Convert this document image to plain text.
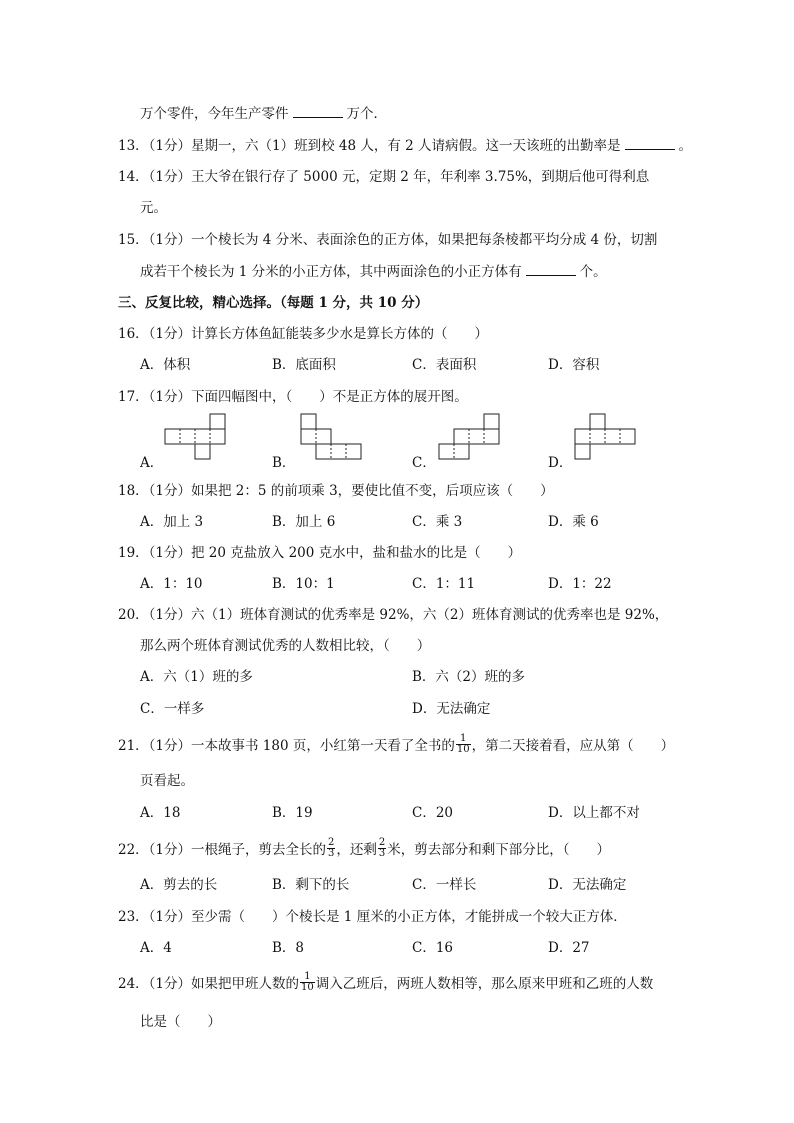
万个零件，今年生产零件	万个．
13．（1分）星期一，六（1）班到校 48 人，有 2 人请病假。这一天该班的出勤率是	。
14．（1分）王大爷在银行存了 5000 元，定期 2 年，年利率 3.75%，到期后他可得利息
元。
15．（1分）一个棱长为 4 分米、表面涂色的正方体，如果把每条棱都平均分成 4 份，切割
成若干个棱长为 1 分米的小正方体，其中两面涂色的小正方体有	个。
三、反复比较，精心选择。（每题 1 分，共 10 分）
16．（1分）计算长方体鱼缸能装多少水是算长方体的（　　）
A．体积	B．底面积	C．表面积	D．容积
17．（1分）下面四幅图中，（　　）不是正方体的展开图。
A．	B．	C．	D．
18．（1分）如果把 2：5 的前项乘 3，要使比值不变，后项应该（　　）
A．加上 3	B．加上 6	C．乘 3	D．乘 6
19．（1分）把 20 克盐放入 200 克水中，盐和盐水的比是（　　）
A．1：10	B．10：1	C．1：11	D．1：22
20．（1分）六（1）班体育测试的优秀率是 92%，六（2）班体育测试的优秀率也是 92%，
那么两个班体育测试优秀的人数相比较，（　　）
A．六（1）班的多	B．六（2）班的多
C．一样多	D．无法确定
21．（1分）一本故事书 180 页，小红第一天看了全书的 $\frac{1}{10}$ ，第二天接着看，应从第（　　）
页看起。
A．18	B．19	C．20	D．以上都不对
22．（1分）一根绳子，剪去全长的 $\frac{2}{3}$ ，还剩 $\frac{2}{3}$ 米，剪去部分和剩下部分比，（　　）
A．剪去的长	B．剩下的长	C．一样长	D．无法确定
23．（1分）至少需（　　）个棱长是 1 厘米的小正方体，才能拼成一个较大正方体．
A．4	B．8	C．16	D．27
24．（1分）如果把甲班人数的 $\frac{1}{10}$ 调入乙班后，两班人数相等，那么原来甲班和乙班的人数
比是（　　）
